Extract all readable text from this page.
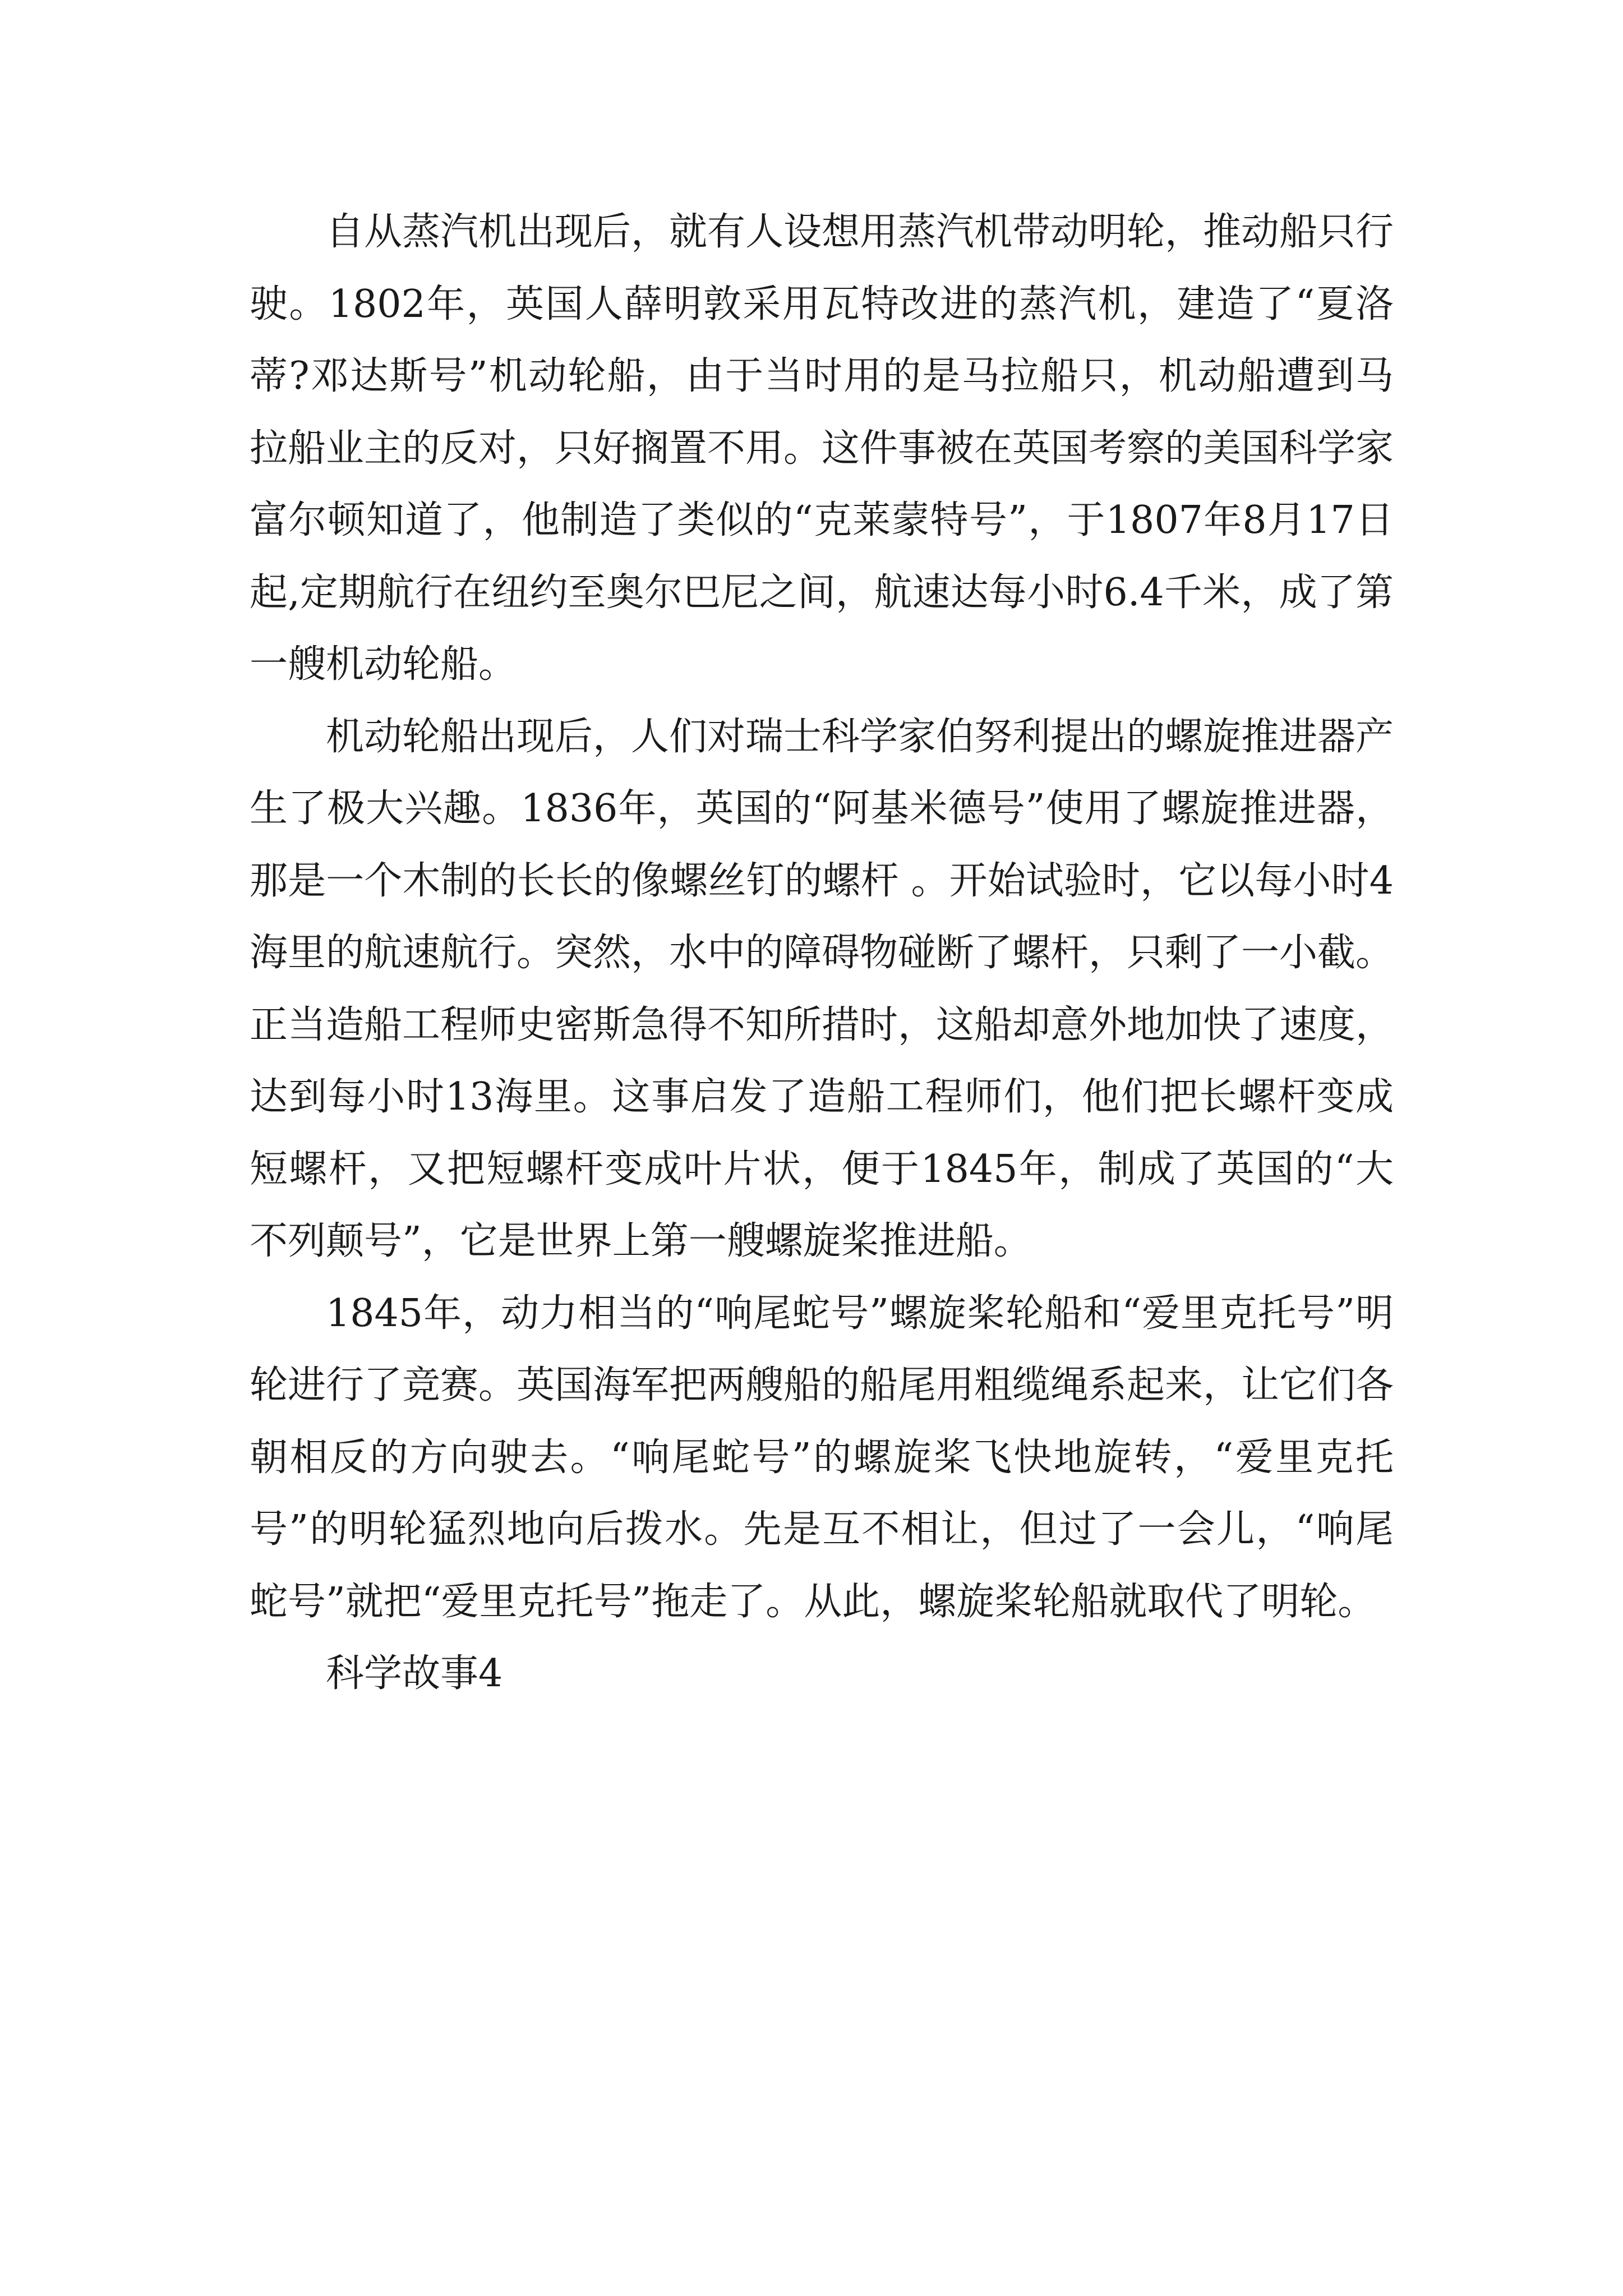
自从蒸汽机出现后，就有人设想用蒸汽机带动明轮，推动船只行驶。1802年，英国人薛明敦采用瓦特改进的蒸汽机，建造了“夏洛蒂?邓达斯号”机动轮船，由于当时用的是马拉船只，机动船遭到马拉船业主的反对，只好搁置不用。这件事被在英国考察的美国科学家富尔顿知道了，他制造了类似的“克莱蒙特号”，于1807年8月17日起,定期航行在纽约至奥尔巴尼之间，航速达每小时6.4千米，成了第一艘机动轮船。

机动轮船出现后，人们对瑞士科学家伯努利提出的螺旋推进器产生了极大兴趣。1836年，英国的“阿基米德号”使用了螺旋推进器，那是一个木制的长长的像螺丝钉的螺杆 。开始试验时，它以每小时4海里的航速航行。突然，水中的障碍物碰断了螺杆，只剩了一小截。正当造船工程师史密斯急得不知所措时，这船却意外地加快了速度，达到每小时13海里。这事启发了造船工程师们，他们把长螺杆变成短螺杆，又把短螺杆变成叶片状，便于1845年，制成了英国的“大不列颠号”，它是世界上第一艘螺旋桨推进船。

1845年，动力相当的“响尾蛇号”螺旋桨轮船和“爱里克托号”明轮进行了竞赛。英国海军把两艘船的船尾用粗缆绳系起来，让它们各朝相反的方向驶去。“响尾蛇号”的螺旋桨飞快地旋转，“爱里克托号”的明轮猛烈地向后拨水。先是互不相让，但过了一会儿，“响尾蛇号”就把“爱里克托号”拖走了。从此，螺旋桨轮船就取代了明轮。

科学故事4
